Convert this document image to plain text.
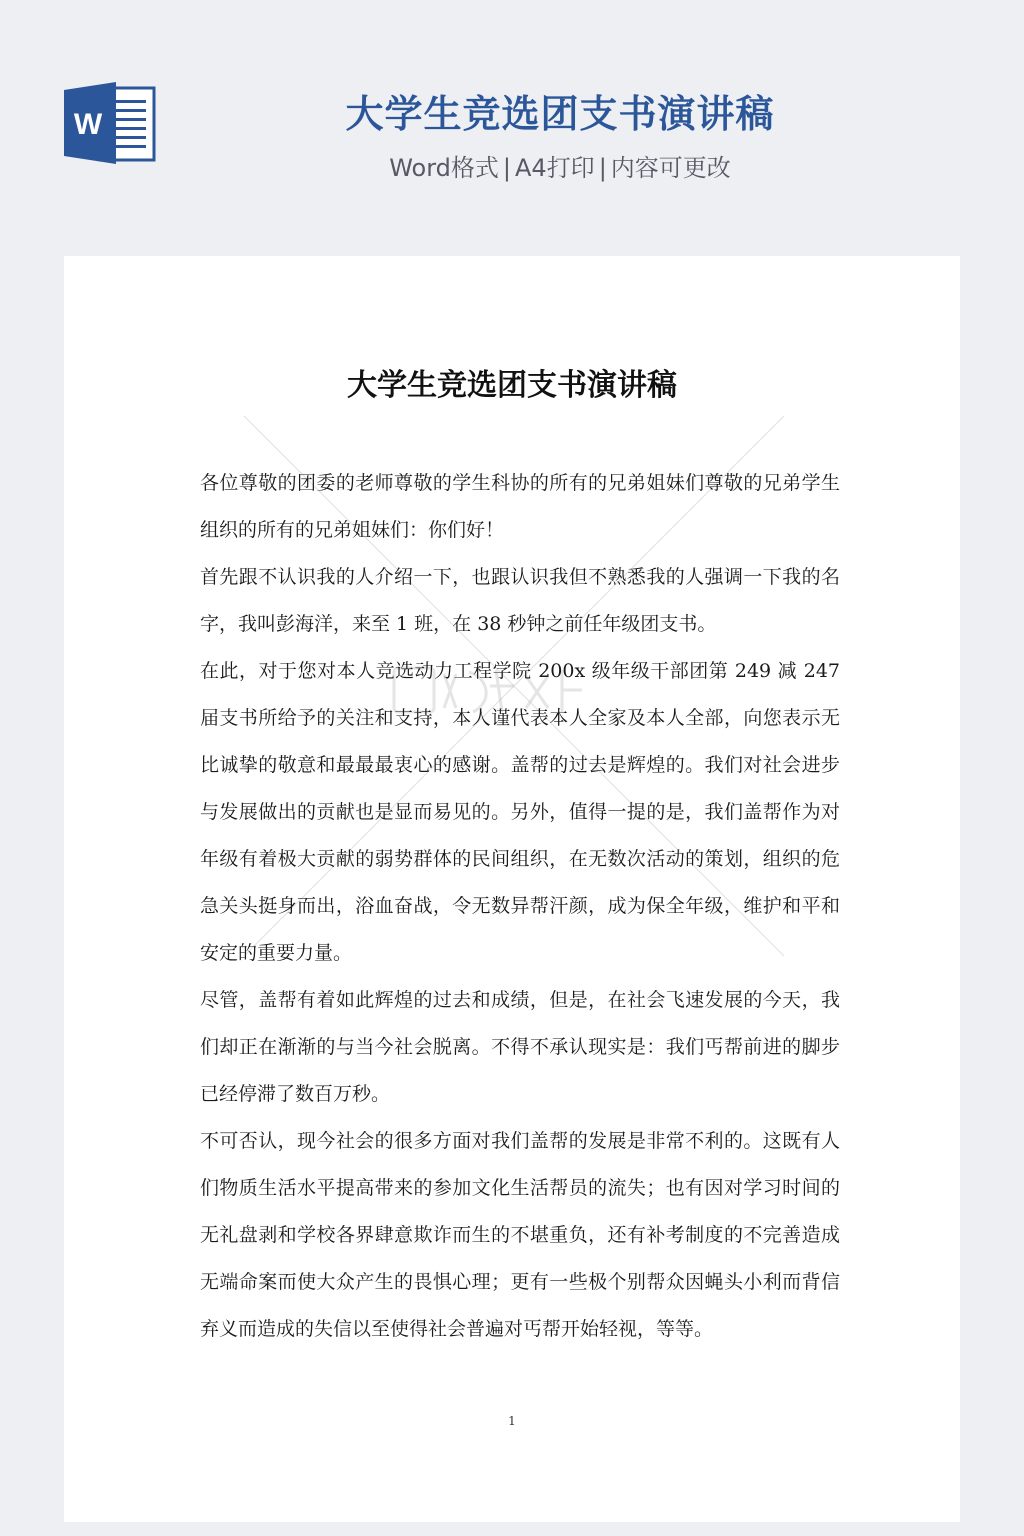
W	大学生竞选团支书演讲稿
Word格式 | A4打印 | 内容可更改
大学生竞选团支书演讲稿

各位尊敬的团委的老师尊敬的学生科协的所有的兄弟姐妹们尊敬的兄弟学生组织的所有的兄弟姐妹们：你们好！

首先跟不认识我的人介绍一下，也跟认识我但不熟悉我的人强调一下我的名字，我叫彭海洋，来至 1 班，在 38 秒钟之前任年级团支书。

在此，对于您对本人竞选动力工程学院 200x 级年级干部团第 249 减 247 届支书所给予的关注和支持，本人谨代表本人全家及本人全部，向您表示无比诚挚的敬意和最最最衷心的感谢。盖帮的过去是辉煌的。我们对社会进步与发展做出的贡献也是显而易见的。另外，值得一提的是，我们盖帮作为对年级有着极大贡献的弱势群体的民间组织，在无数次活动的策划，组织的危急关头挺身而出，浴血奋战，令无数异帮汗颜，成为保全年级，维护和平和安定的重要力量。

尽管，盖帮有着如此辉煌的过去和成绩，但是，在社会飞速发展的今天，我们却正在渐渐的与当今社会脱离。不得不承认现实是：我们丐帮前进的脚步已经停滞了数百万秒。

不可否认，现今社会的很多方面对我们盖帮的发展是非常不利的。这既有人们物质生活水平提高带来的参加文化生活帮员的流失；也有因对学习时间的无礼盘剥和学校各界肆意欺诈而生的不堪重负，还有补考制度的不完善造成无端命案而使大众产生的畏惧心理；更有一些极个别帮众因蝇头小利而背信弃义而造成的失信以至使得社会普遍对丐帮开始轻视，等等。

1
